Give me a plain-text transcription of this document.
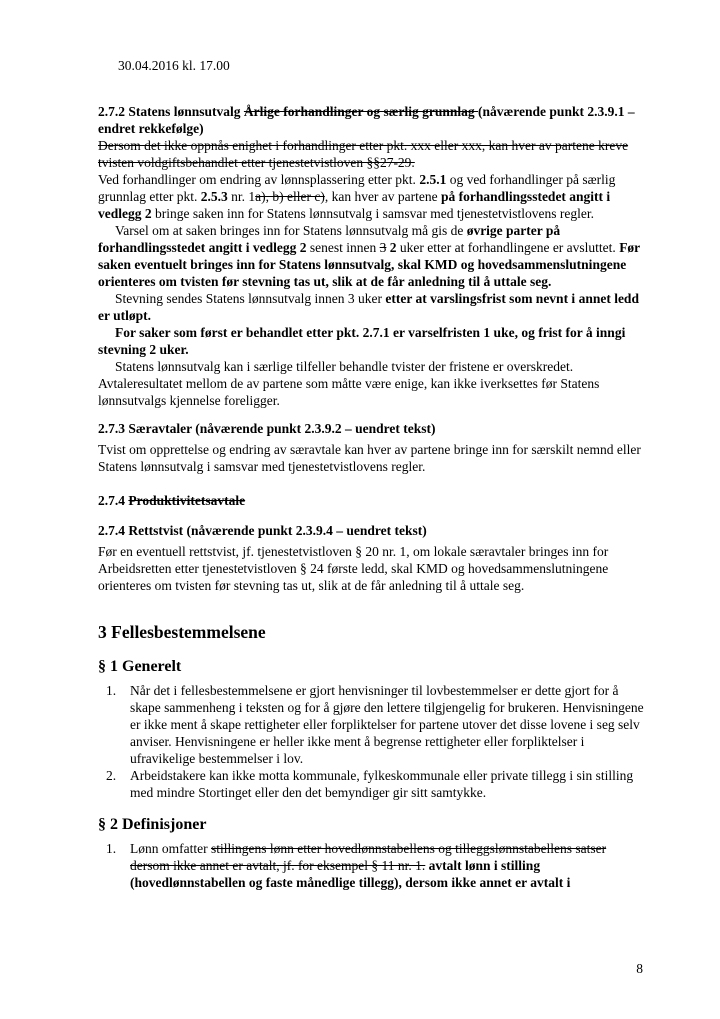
30.04.2016 kl. 17.00
2.7.2 Statens lønnsutvalg Årlige forhandlinger og særlig grunnlag (nåværende punkt 2.3.9.1 – endret rekkefølge)

Dersom det ikke oppnås enighet i forhandlinger etter pkt. xxx eller xxx, kan hver av partene kreve tvisten voldgiftsbehandlet etter tjenestetvistloven §§27-29.

Ved forhandlinger om endring av lønnsplassering etter pkt. 2.5.1 og ved forhandlinger på særlig grunnlag etter pkt. 2.5.3 nr. 1a), b) eller c), kan hver av partene på forhandlingsstedet angitt i vedlegg 2 bringe saken inn for Statens lønnsutvalg i samsvar med tjenestetvistlovens regler.

Varsel om at saken bringes inn for Statens lønnsutvalg må gis de øvrige parter på forhandlingsstedet angitt i vedlegg 2 senest innen 3 2 uker etter at forhandlingene er avsluttet. Før saken eventuelt bringes inn for Statens lønnsutvalg, skal KMD og hovedsammenslutningene orienteres om tvisten før stevning tas ut, slik at de får anledning til å uttale seg.

Stevning sendes Statens lønnsutvalg innen 3 uker etter at varslingsfrist som nevnt i annet ledd er utløpt.

For saker som først er behandlet etter pkt. 2.7.1 er varselfristen 1 uke, og frist for å inngi stevning 2 uker.

Statens lønnsutvalg kan i særlige tilfeller behandle tvister der fristene er overskredet. Avtaleresultatet mellom de av partene som måtte være enige, kan ikke iverksettes før Statens lønnsutvalgs kjennelse foreligger.

2.7.3 Særavtaler (nåværende punkt 2.3.9.2 – uendret tekst)

Tvist om opprettelse og endring av særavtale kan hver av partene bringe inn for særskilt nemnd eller Statens lønnsutvalg i samsvar med tjenestetvistlovens regler.

2.7.4 Produktivitetsavtale
2.7.4 Rettstvist (nåværende punkt 2.3.9.4 – uendret tekst)

Før en eventuell rettstvist, jf. tjenestetvistloven § 20 nr. 1, om lokale særavtaler bringes inn for Arbeidsretten etter tjenestetvistloven § 24 første ledd, skal KMD og hovedsammenslutningene orienteres om tvisten før stevning tas ut, slik at de får anledning til å uttale seg.

3 Fellesbestemmelsene
§ 1 Generelt
1.	Når det i fellesbestemmelsene er gjort henvisninger til lovbestemmelser er dette gjort for å skape sammenheng i teksten og for å gjøre den lettere tilgjengelig for brukeren. Henvisningene er ikke ment å skape rettigheter eller forpliktelser for partene utover det disse lovene i seg selv anviser. Henvisningene er heller ikke ment å begrense rettigheter eller forpliktelser i ufravikelige bestemmelser i lov.
2.	Arbeidstakere kan ikke motta kommunale, fylkeskommunale eller private tillegg i sin stilling med mindre Stortinget eller den det bemyndiger gir sitt samtykke.
§ 2 Definisjoner
1.	Lønn omfatter stillingens lønn etter hovedlønnstabellens og tilleggslønnstabellens satser dersom ikke annet er avtalt, jf. for eksempel § 11 nr. 1. avtalt lønn i stilling (hovedlønnstabellen og faste månedlige tillegg), dersom ikke annet er avtalt i
8
